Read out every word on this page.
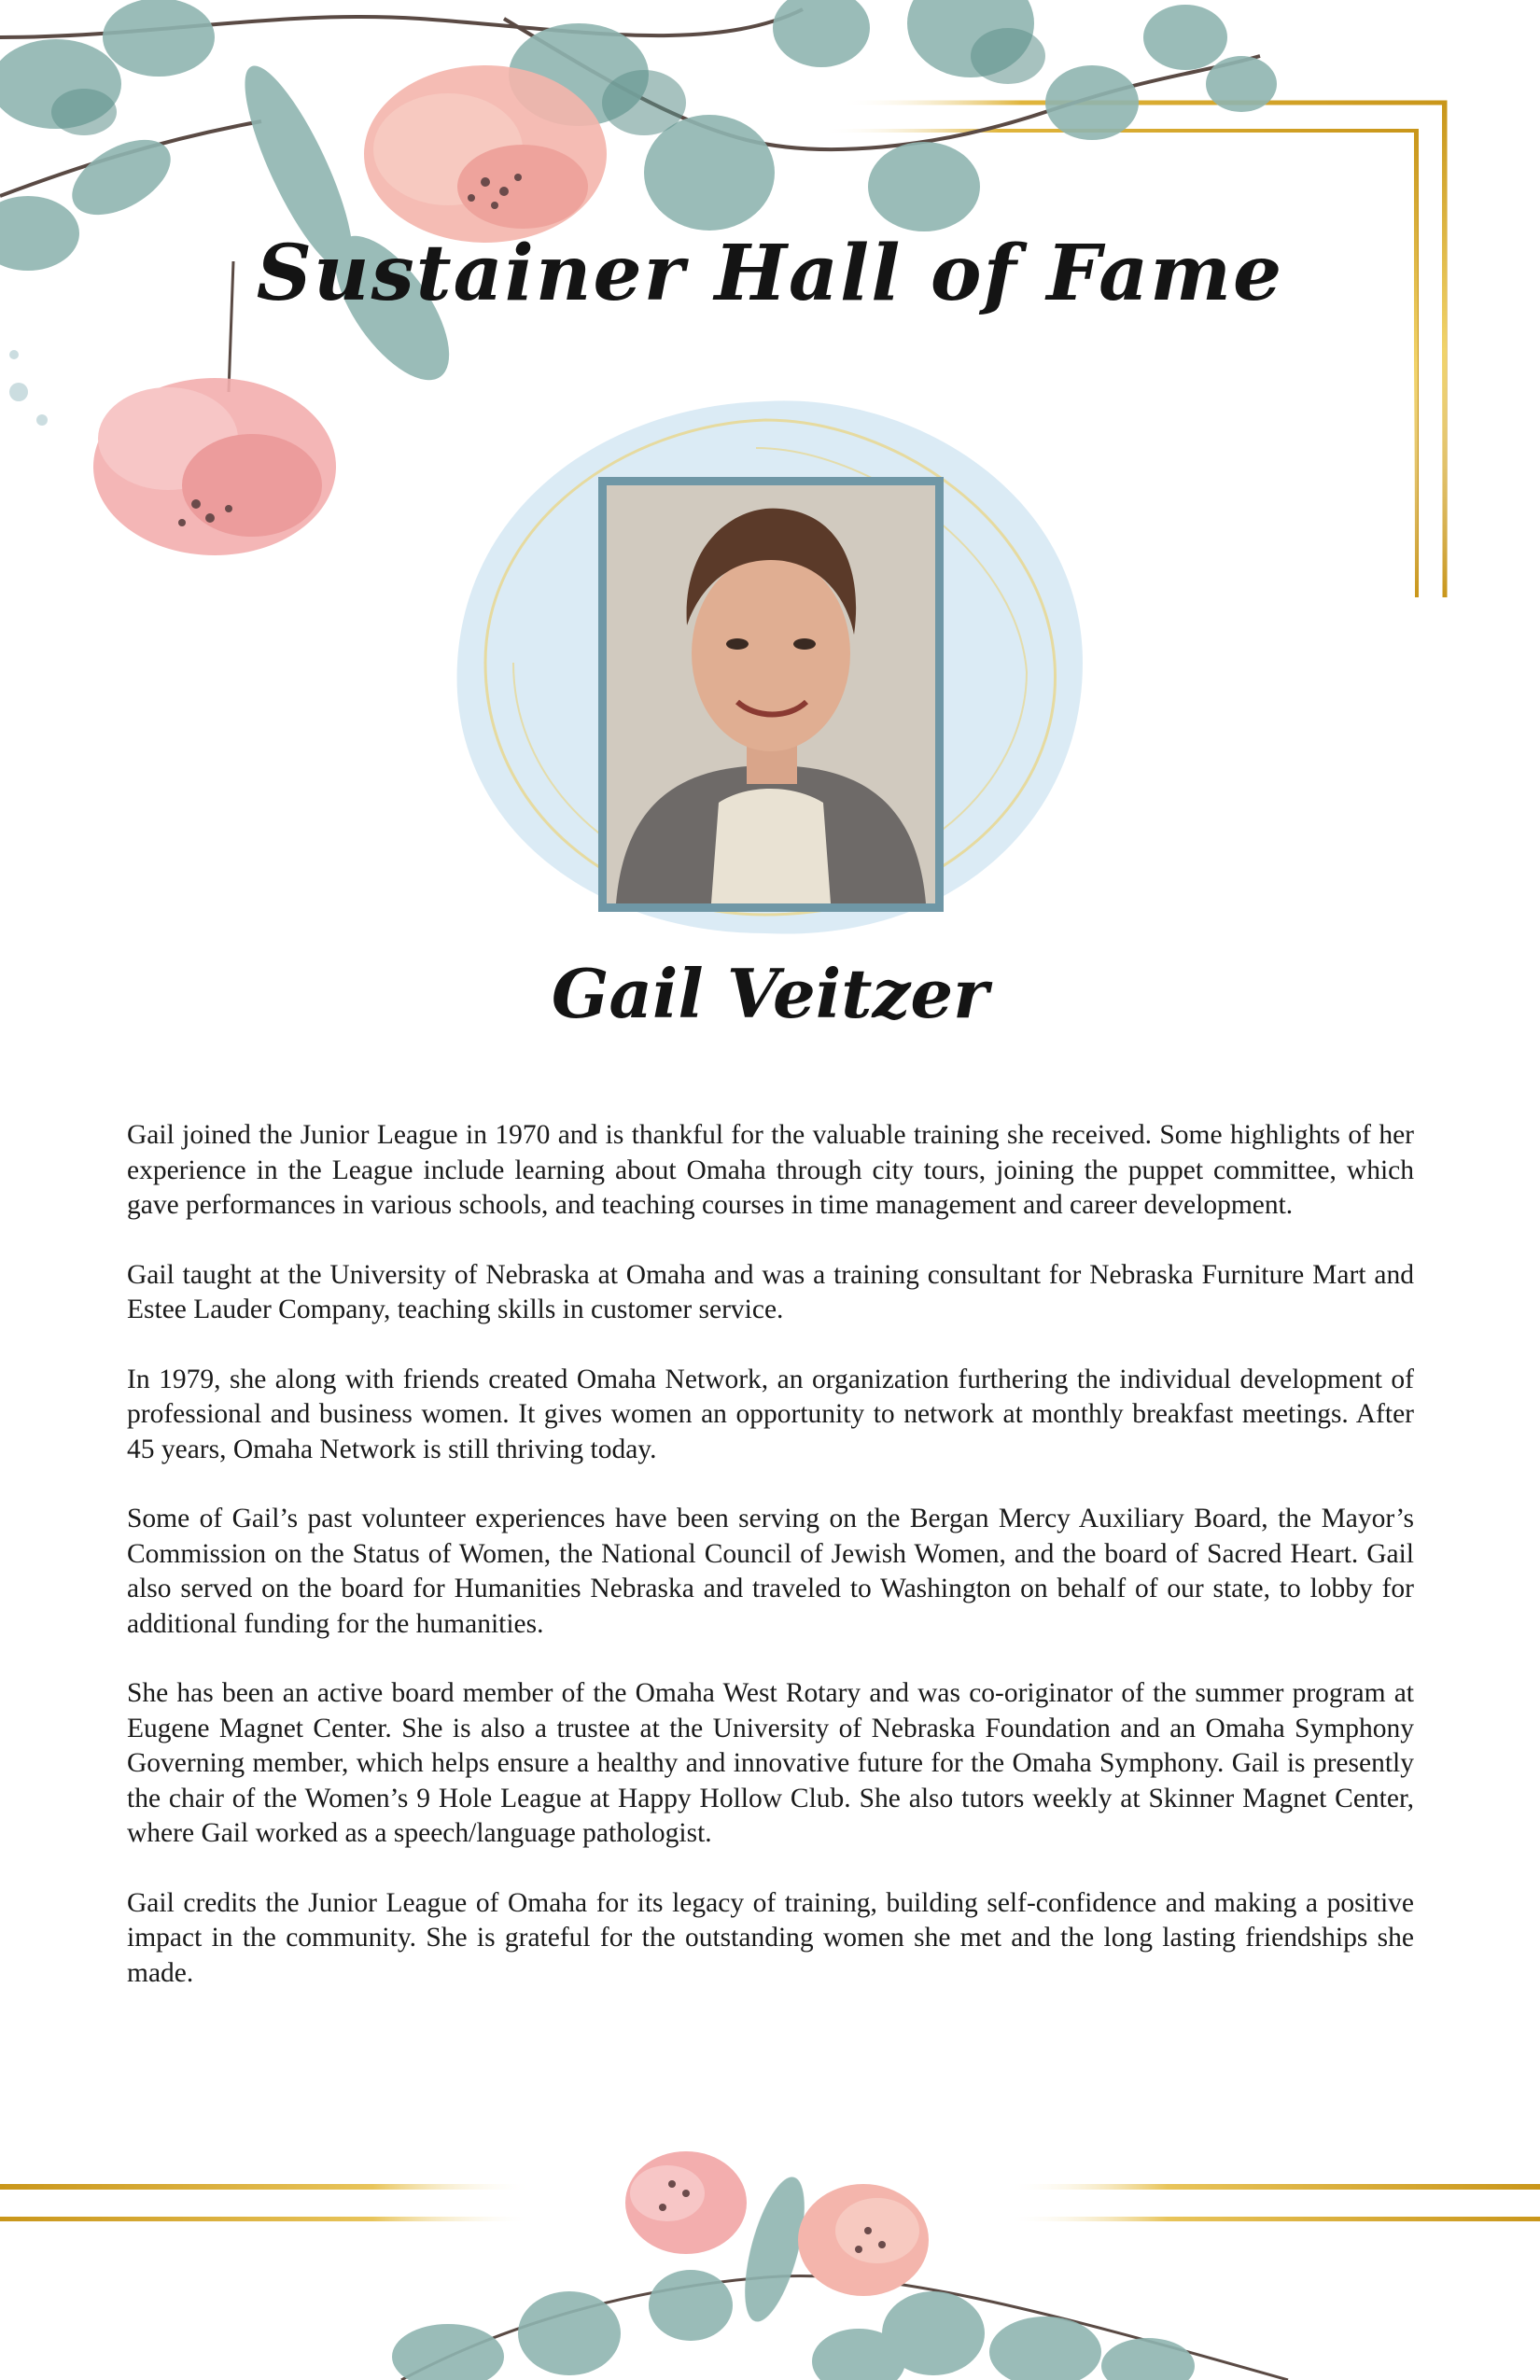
Sustainer Hall of Fame
Gail Veitzer

Gail joined the Junior League in 1970 and is thankful for the valuable training she received. Some highlights of her experience in the League include learning about Omaha through city tours, joining the puppet committee, which gave performances in various schools, and teaching courses in time management and career development.

Gail taught at the University of Nebraska at Omaha and was a training consultant for Nebraska Furniture Mart and Estee Lauder Company, teaching skills in customer service.

In 1979, she along with friends created Omaha Network, an organization furthering the individual development of professional and business women. It gives women an opportunity to network at monthly breakfast meetings. After 45 years, Omaha Network is still thriving today.

Some of Gail’s past volunteer experiences have been serving on the Bergan Mercy Auxiliary Board, the Mayor’s Commission on the Status of Women, the National Council of Jewish Women, and the board of Sacred Heart. Gail also served on the board for Humanities Nebraska and traveled to Washington on behalf of our state, to lobby for additional funding for the humanities.

She has been an active board member of the Omaha West Rotary and was co-originator of the summer program at Eugene Magnet Center. She is also a trustee at the University of Nebraska Foundation and an Omaha Symphony Governing member, which helps ensure a healthy and innovative future for the Omaha Symphony. Gail is presently the chair of the Women’s 9 Hole League at Happy Hollow Club. She also tutors weekly at Skinner Magnet Center, where Gail worked as a speech/language pathologist.

Gail credits the Junior League of Omaha for its legacy of training, building self-confidence and making a positive impact in the community. She is grateful for the outstanding women she met and the long lasting friendships she made.
